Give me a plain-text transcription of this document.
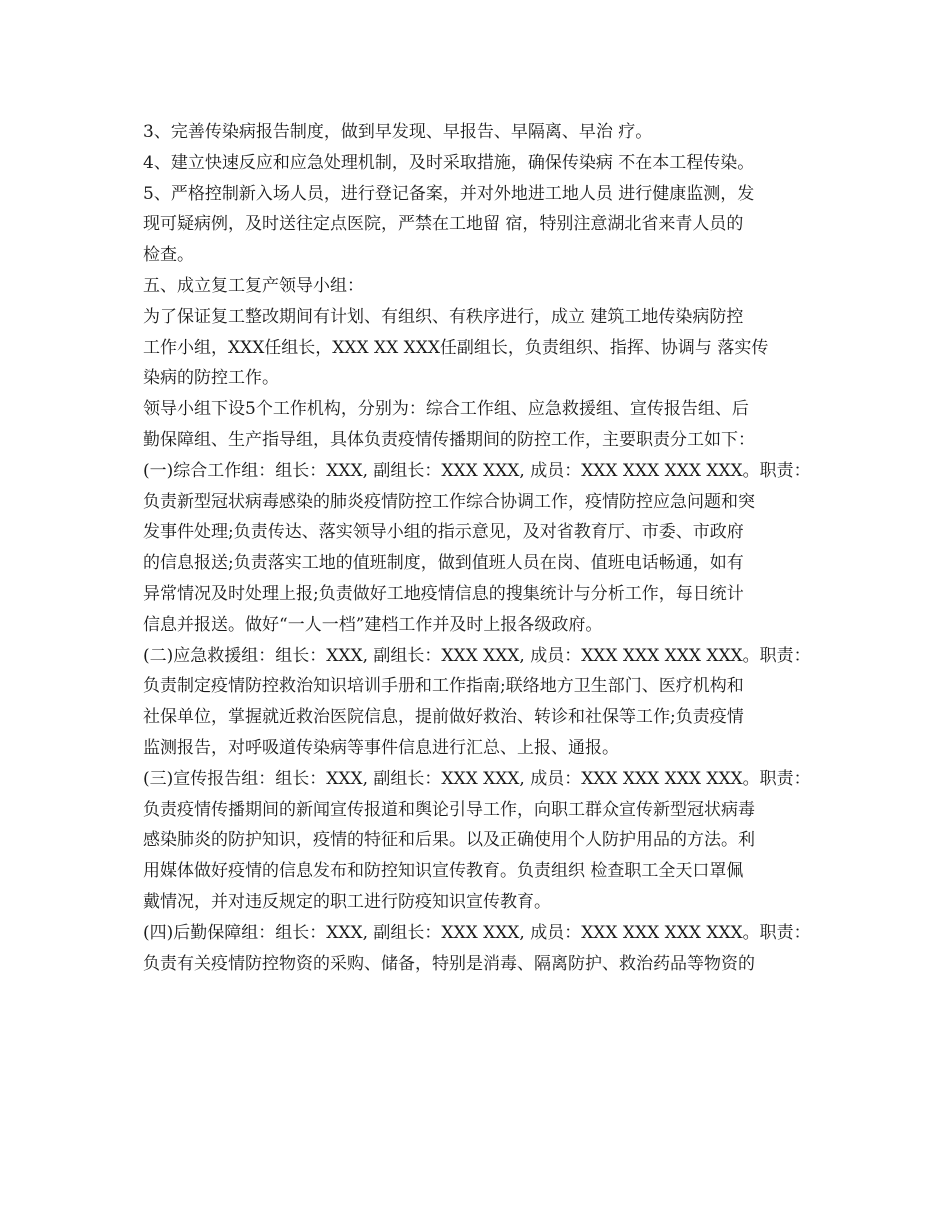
3、完善传染病报告制度，做到早发现、早报告、早隔离、早治 疗。
4、建立快速反应和应急处理机制，及时采取措施，确保传染病 不在本工程传染。
5、严格控制新入场人员，进行登记备案，并对外地进工地人员 进行健康监测，发
现可疑病例，及时送往定点医院，严禁在工地留 宿，特别注意湖北省来青人员的
检查。
五、成立复工复产领导小组：
为了保证复工整改期间有计划、有组织、有秩序进行，成立 建筑工地传染病防控
工作小组，XXX任组长，XXX XX XXX任副组长，负责组织、指挥、协调与 落实传
染病的防控工作。
领导小组下设5个工作机构，分别为：综合工作组、应急救援组、宣传报告组、后
勤保障组、生产指导组，具体负责疫情传播期间的防控工作，主要职责分工如下：
(一)综合工作组：组长：XXX, 副组长：XXX XXX, 成员：XXX XXX XXX XXX。职责：
负责新型冠状病毒感染的肺炎疫情防控工作综合协调工作，疫情防控应急问题和突
发事件处理;负责传达、落实领导小组的指示意见，及对省教育厅、市委、市政府
的信息报送;负责落实工地的值班制度，做到值班人员在岗、值班电话畅通，如有
异常情况及时处理上报;负责做好工地疫情信息的搜集统计与分析工作，每日统计
信息并报送。做好“一人一档”建档工作并及时上报各级政府。
(二)应急救援组：组长：XXX, 副组长：XXX XXX, 成员：XXX XXX XXX XXX。职责：
负责制定疫情防控救治知识培训手册和工作指南;联络地方卫生部门、医疗机构和
社保单位，掌握就近救治医院信息，提前做好救治、转诊和社保等工作;负责疫情
监测报告，对呼吸道传染病等事件信息进行汇总、上报、通报。
(三)宣传报告组：组长：XXX, 副组长：XXX XXX, 成员：XXX XXX XXX XXX。职责：
负责疫情传播期间的新闻宣传报道和舆论引导工作，向职工群众宣传新型冠状病毒
感染肺炎的防护知识，疫情的特征和后果。以及正确使用个人防护用品的方法。利
用媒体做好疫情的信息发布和防控知识宣传教育。负责组织 检查职工全天口罩佩
戴情况，并对违反规定的职工进行防疫知识宣传教育。
(四)后勤保障组：组长：XXX, 副组长：XXX XXX, 成员：XXX XXX XXX XXX。职责：
负责有关疫情防控物资的采购、储备，特别是消毒、隔离防护、救治药品等物资的
